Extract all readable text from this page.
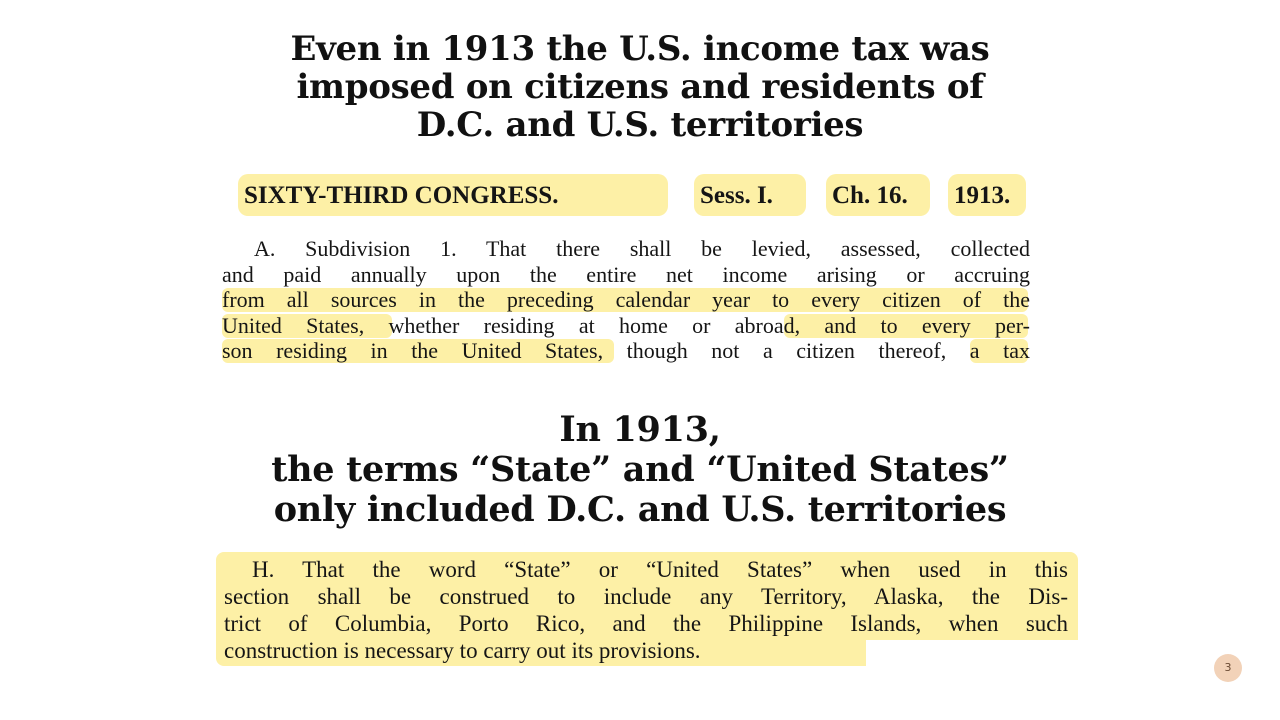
Even in 1913 the U.S. income tax was
imposed on citizens and residents of
D.C. and U.S. territories
SIXTY-THIRD CONGRESS.	Sess. I.	Ch. 16.	1913.
A. Subdivision 1. That there shall be levied, assessed, collected
and paid annually upon the entire net income arising or accruing
from all sources in the preceding calendar year to every citizen of the
United States, whether residing at home or abroad, and to every per-
son residing in the United States, though not a citizen thereof, a tax
In 1913,
the terms “State” and “United States”
only included D.C. and U.S. territories
H. That the word “State” or “United States” when used in this
section shall be construed to include any Territory, Alaska, the Dis-
trict of Columbia, Porto Rico, and the Philippine Islands, when such
construction is necessary to carry out its provisions.
3
